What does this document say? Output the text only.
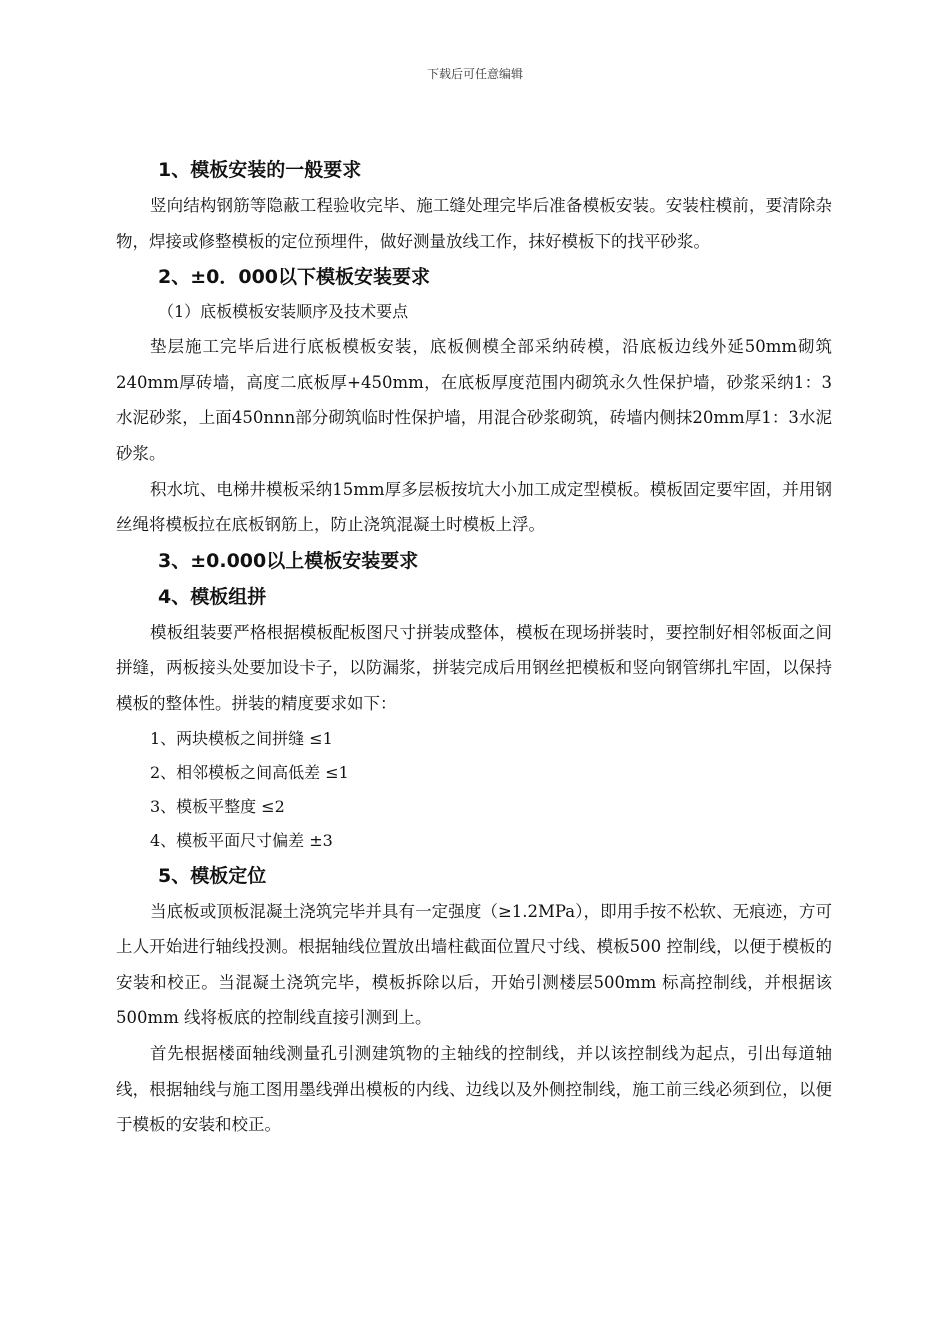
下载后可任意编辑
1、模板安装的一般要求

竖向结构钢筋等隐蔽工程验收完毕、施工缝处理完毕后准备模板安装。安装柱模前，要清除杂物，焊接或修整模板的定位预埋件，做好测量放线工作，抹好模板下的找平砂浆。

2、±0．000以下模板安装要求

（1）底板模板安装顺序及技术要点

垫层施工完毕后进行底板模板安装，底板侧模全部采纳砖模，沿底板边线外延50mm砌筑240mm厚砖墙，高度二底板厚+450mm，在底板厚度范围内砌筑永久性保护墙，砂浆采纳1：3水泥砂浆，上面450nnn部分砌筑临时性保护墙，用混合砂浆砌筑，砖墙内侧抹20mm厚1：3水泥砂浆。

积水坑、电梯井模板采纳15mm厚多层板按坑大小加工成定型模板。模板固定要牢固，并用钢丝绳将模板拉在底板钢筋上，防止浇筑混凝土时模板上浮。

3、±0.000以上模板安装要求
4、模板组拼

模板组装要严格根据模板配板图尺寸拼装成整体，模板在现场拼装时，要控制好相邻板面之间拼缝，两板接头处要加设卡子，以防漏浆，拼装完成后用钢丝把模板和竖向钢管绑扎牢固，以保持模板的整体性。拼装的精度要求如下：

1、两块模板之间拼缝 ≤1

2、相邻模板之间高低差 ≤1

3、模板平整度 ≤2

4、模板平面尺寸偏差 ±3

5、模板定位

当底板或顶板混凝土浇筑完毕并具有一定强度（≥1.2MPa），即用手按不松软、无痕迹，方可上人开始进行轴线投测。根据轴线位置放出墙柱截面位置尺寸线、模板500 控制线，以便于模板的安装和校正。当混凝土浇筑完毕，模板拆除以后，开始引测楼层500mm 标高控制线，并根据该500mm 线将板底的控制线直接引测到上。

首先根据楼面轴线测量孔引测建筑物的主轴线的控制线，并以该控制线为起点，引出每道轴线，根据轴线与施工图用墨线弹出模板的内线、边线以及外侧控制线，施工前三线必须到位，以便于模板的安装和校正。
